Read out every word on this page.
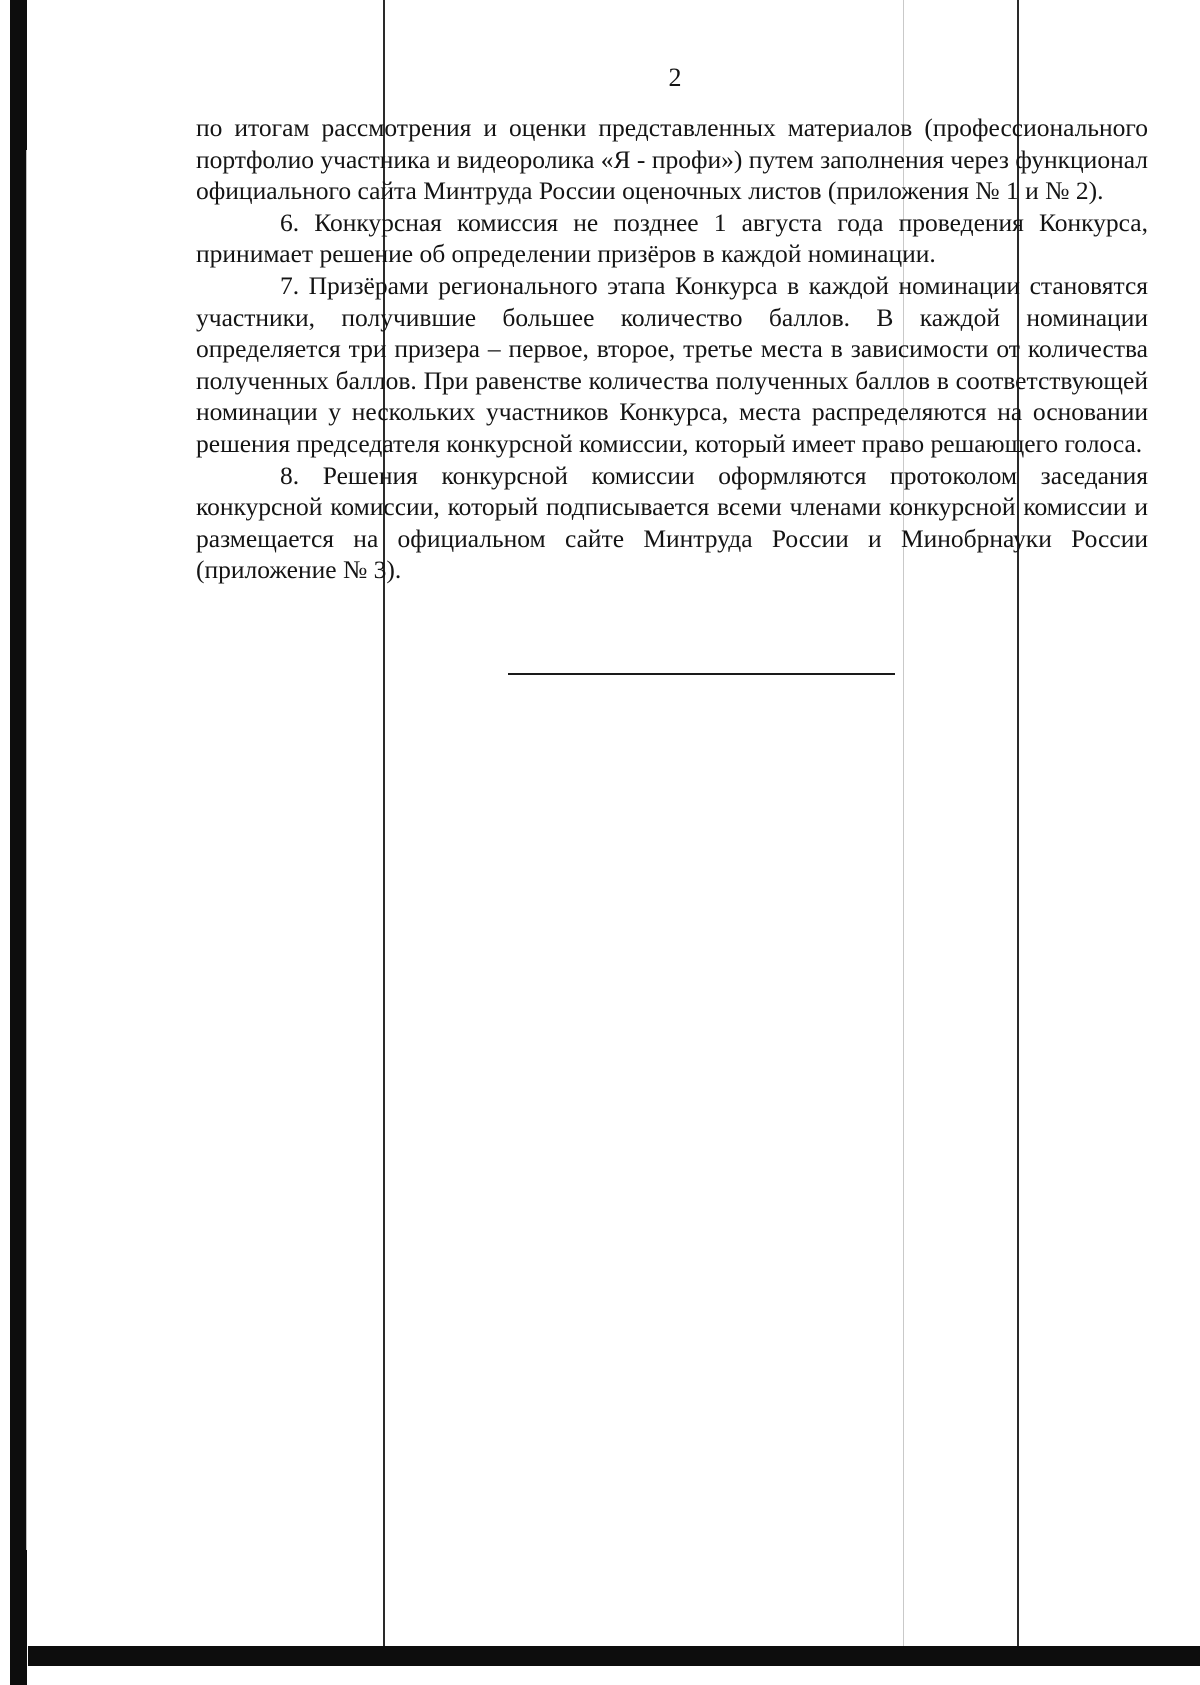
2

по итогам рассмотрения и оценки представленных материалов (профессионального портфолио участника и видеоролика «Я - профи») путем заполнения через функционал официального сайта Минтруда России оценочных листов (приложения № 1 и № 2).

6. Конкурсная комиссия не позднее 1 августа года проведения Конкурса, принимает решение об определении призёров в каждой номинации.

7. Призёрами регионального этапа Конкурса в каждой номинации становятся участники, получившие большее количество баллов. В каждой номинации определяется три призера – первое, второе, третье места в зависимости от количества полученных баллов. При равенстве количества полученных баллов в соответствующей номинации у нескольких участников Конкурса, места распределяются на основании решения председателя конкурсной комиссии, который имеет право решающего голоса.

8. Решения конкурсной комиссии оформляются протоколом заседания конкурсной комиссии, который подписывается всеми членами конкурсной комиссии и размещается на официальном сайте Минтруда России и Минобрнауки России (приложение № 3).
